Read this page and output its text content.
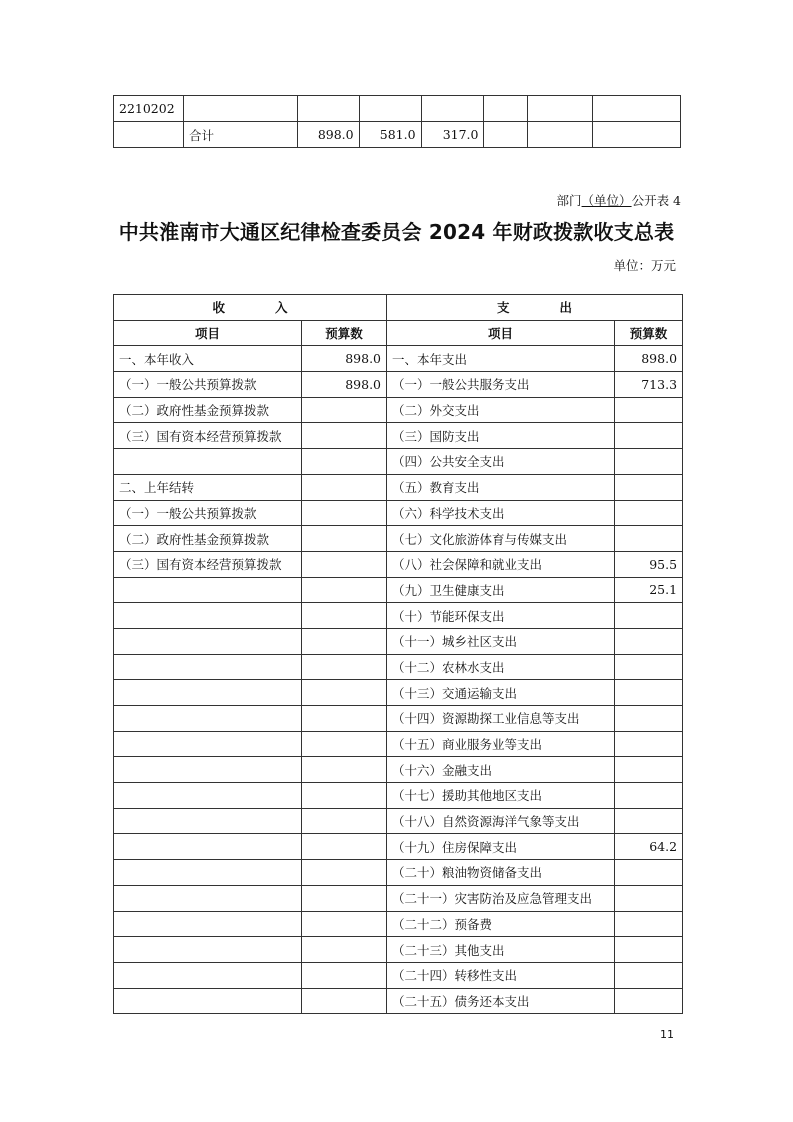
2210202							
	合计	898.0	581.0	317.0			
部门（单位）公开表 4
中共淮南市大通区纪律检查委员会 2024 年财政拨款收支总表
单位：万元
收　　　　入		支　　　　出	
项目	预算数	项目	预算数
一、本年收入	898.0	一、本年支出	898.0
（一）一般公共预算拨款	898.0	（一）一般公共服务支出	713.3
（二）政府性基金预算拨款		（二）外交支出	
（三）国有资本经营预算拨款		（三）国防支出	
		（四）公共安全支出	
二、上年结转		（五）教育支出	
（一）一般公共预算拨款		（六）科学技术支出	
（二）政府性基金预算拨款		（七）文化旅游体育与传媒支出	
（三）国有资本经营预算拨款		（八）社会保障和就业支出	95.5
		（九）卫生健康支出	25.1
		（十）节能环保支出	
		（十一）城乡社区支出	
		（十二）农林水支出	
		（十三）交通运输支出	
		（十四）资源勘探工业信息等支出	
		（十五）商业服务业等支出	
		（十六）金融支出	
		（十七）援助其他地区支出	
		（十八）自然资源海洋气象等支出	
		（十九）住房保障支出	64.2
		（二十）粮油物资储备支出	
		（二十一）灾害防治及应急管理支出	
		（二十二）预备费	
		（二十三）其他支出	
		（二十四）转移性支出	
		（二十五）债务还本支出	
11
